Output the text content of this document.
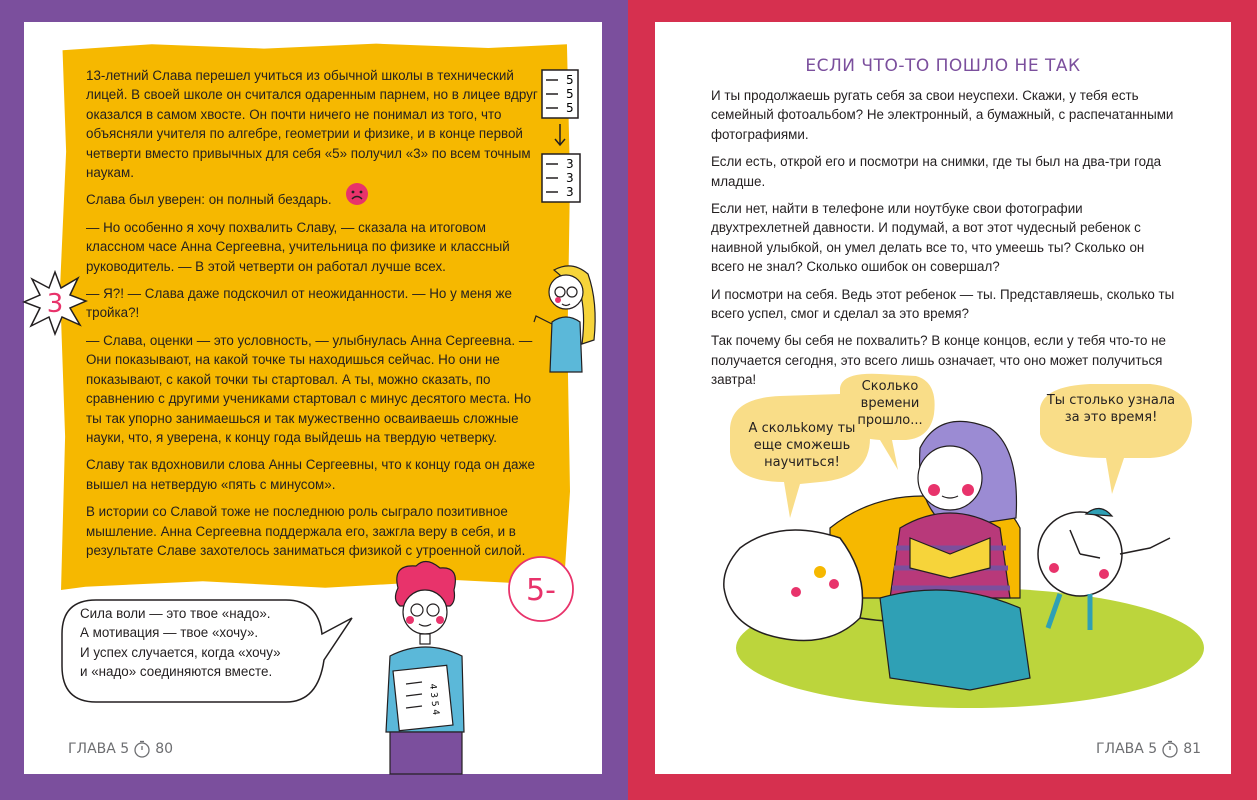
13-летний Слава перешел учиться из обычной школы в технический лицей. В своей школе он считался одаренным парнем, но в лицее вдруг оказался в самом хвосте. Он почти ничего не понимал из того, что объясняли учителя по алгебре, геометрии и физике, и в конце первой четверти вместо привычных для себя «5» получил «3» по всем точным наукам.

Слава был уверен: он полный бездарь.

— Но особенно я хочу похвалить Славу, — сказала на итоговом классном часе Анна Сергеевна, учительница по физике и классный руководитель. — В этой четверти он работал лучше всех.

— Я?! — Слава даже подскочил от неожиданности. — Но у меня же тройка?!

— Слава, оценки — это условность, — улыбнулась Анна Сергеевна. — Они показывают, на какой точке ты находишься сейчас. Но они не показывают, с какой точки ты стартовал. А ты, можно сказать, по сравнению с другими учениками стартовал с минус десятого места. Но ты так упорно занимаешься и так мужественно осваиваешь сложные науки, что, я уверена, к концу года выйдешь на твердую четверку.

Славу так вдохновили слова Анны Сергеевны, что к концу года он даже вышел на нетвердую «пять с минусом».

В истории со Славой тоже не последнюю роль сыграло позитивное мышление. Анна Сергеевна поддержала его, зажгла веру в себя, и в результате Славе захотелось заниматься физикой с утроенной силой.

5
5
5
3
3
3
3
5-
Сила воли — это твое «надо».
А мотивация — твое «хочу».
И успех случается, когда «хочу»
и «надо» соединяются вместе.
4 3 5 4
ГЛАВА 5 80
ЕСЛИ ЧТО-ТО ПОШЛО НЕ ТАК

И ты продолжаешь ругать себя за свои неуспехи. Скажи, у тебя есть семейный фотоальбом? Не электронный, а бумажный, с распечатанными фотографиями.

Если есть, открой его и посмотри на снимки, где ты был на два-три года младше.

Если нет, найти в телефоне или ноутбуке свои фотографии двухтрехлетней давности. И подумай, а вот этот чудесный ребенок с наивной улыбкой, он умел делать все то, что умеешь ты? Сколько он всего не знал? Сколько ошибок он совершал?

И посмотри на себя. Ведь этот ребенок — ты. Представляешь, сколько ты всего успел, смог и сделал за это время?

Так почему бы себя не похвалить? В конце концов, если у тебя что-то не получается сегодня, это всего лишь означает, что оно может получиться завтра!

А скольkому ты еще сможешь научиться!
Сколько времени прошло...
Ты столько узнала за это время!
ГЛАВА 5 81
